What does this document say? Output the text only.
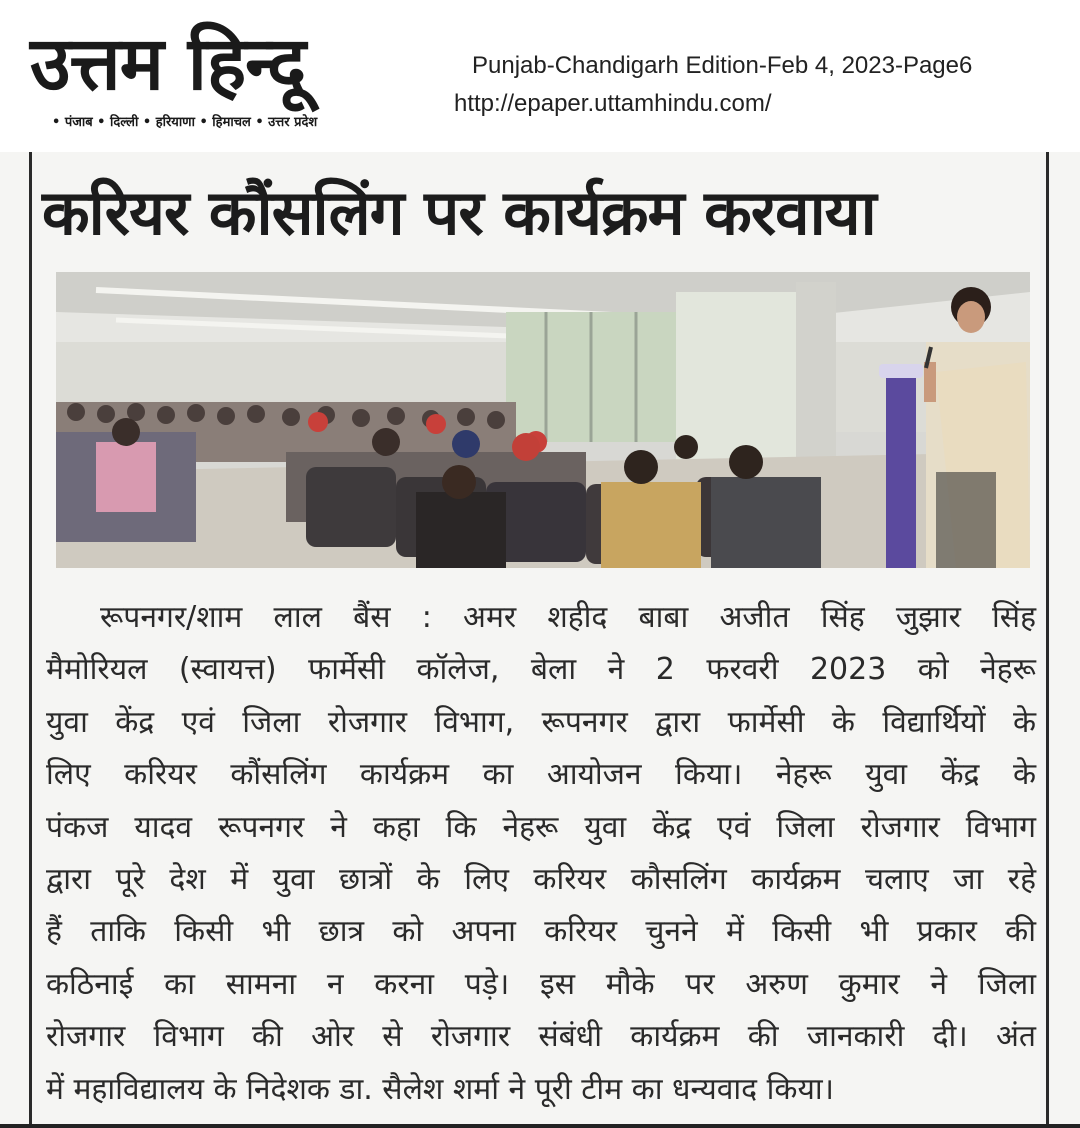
उत्तम हिन्दू
• पंजाब • दिल्ली • हरियाणा • हिमाचल • उत्तर प्रदेश
Punjab-Chandigarh Edition-Feb 4, 2023-Page6
http://epaper.uttamhindu.com/
करियर कौंसलिंग पर कार्यक्रम करवाया
रूपनगर/शाम लाल बैंस : अमर शहीद बाबा अजीत सिंह जुझार सिंह
मैमोरियल (स्वायत्त) फार्मेसी कॉलेज, बेला ने 2 फरवरी 2023 को नेहरू
युवा केंद्र एवं जिला रोजगार विभाग, रूपनगर द्वारा फार्मेसी के विद्यार्थियों के
लिए करियर कौंसलिंग कार्यक्रम का आयोजन किया। नेहरू युवा केंद्र के
पंकज यादव रूपनगर ने कहा कि नेहरू युवा केंद्र एवं जिला रोजगार विभाग
द्वारा पूरे देश में युवा छात्रों के लिए करियर कौसलिंग कार्यक्रम चलाए जा रहे
हैं ताकि किसी भी छात्र को अपना करियर चुनने में किसी भी प्रकार की
कठिनाई का सामना न करना पड़े। इस मौके पर अरुण कुमार ने जिला
रोजगार विभाग की ओर से रोजगार संबंधी कार्यक्रम की जानकारी दी। अंत
में महाविद्यालय के निदेशक डा. सैलेश शर्मा ने पूरी टीम का धन्यवाद किया।
